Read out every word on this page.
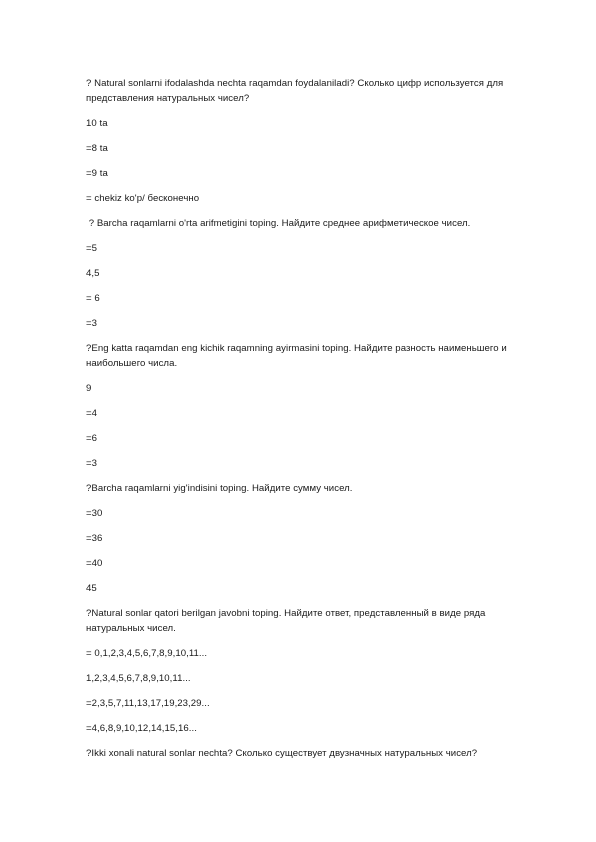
? Natural sonlarni ifodalashda nechta raqamdan foydalaniladi? Сколько цифр используется для представления натуральных чисел?

10 ta

=8 ta

=9 ta

= chekiz ko'p/ бесконечно

? Barcha raqamlarni o'rta arifmetigini toping. Найдите среднее арифметическое чисел.

=5

4,5

= 6

=3

?Eng katta raqamdan eng kichik raqamning ayirmasini toping. Найдите разность наименьшего и наибольшего числа.

9

=4

=6

=3

?Barcha raqamlarni yig'indisini toping. Найдите сумму чисел.

=30

=36

=40

45

?Natural sonlar qatori berilgan javobni toping. Найдите ответ, представленный в виде ряда натуральных чисел.

= 0,1,2,3,4,5,6,7,8,9,10,11...

1,2,3,4,5,6,7,8,9,10,11...

=2,3,5,7,11,13,17,19,23,29...

=4,6,8,9,10,12,14,15,16...

?Ikki xonali natural sonlar nechta? Сколько существует двузначных натуральных чисел?
